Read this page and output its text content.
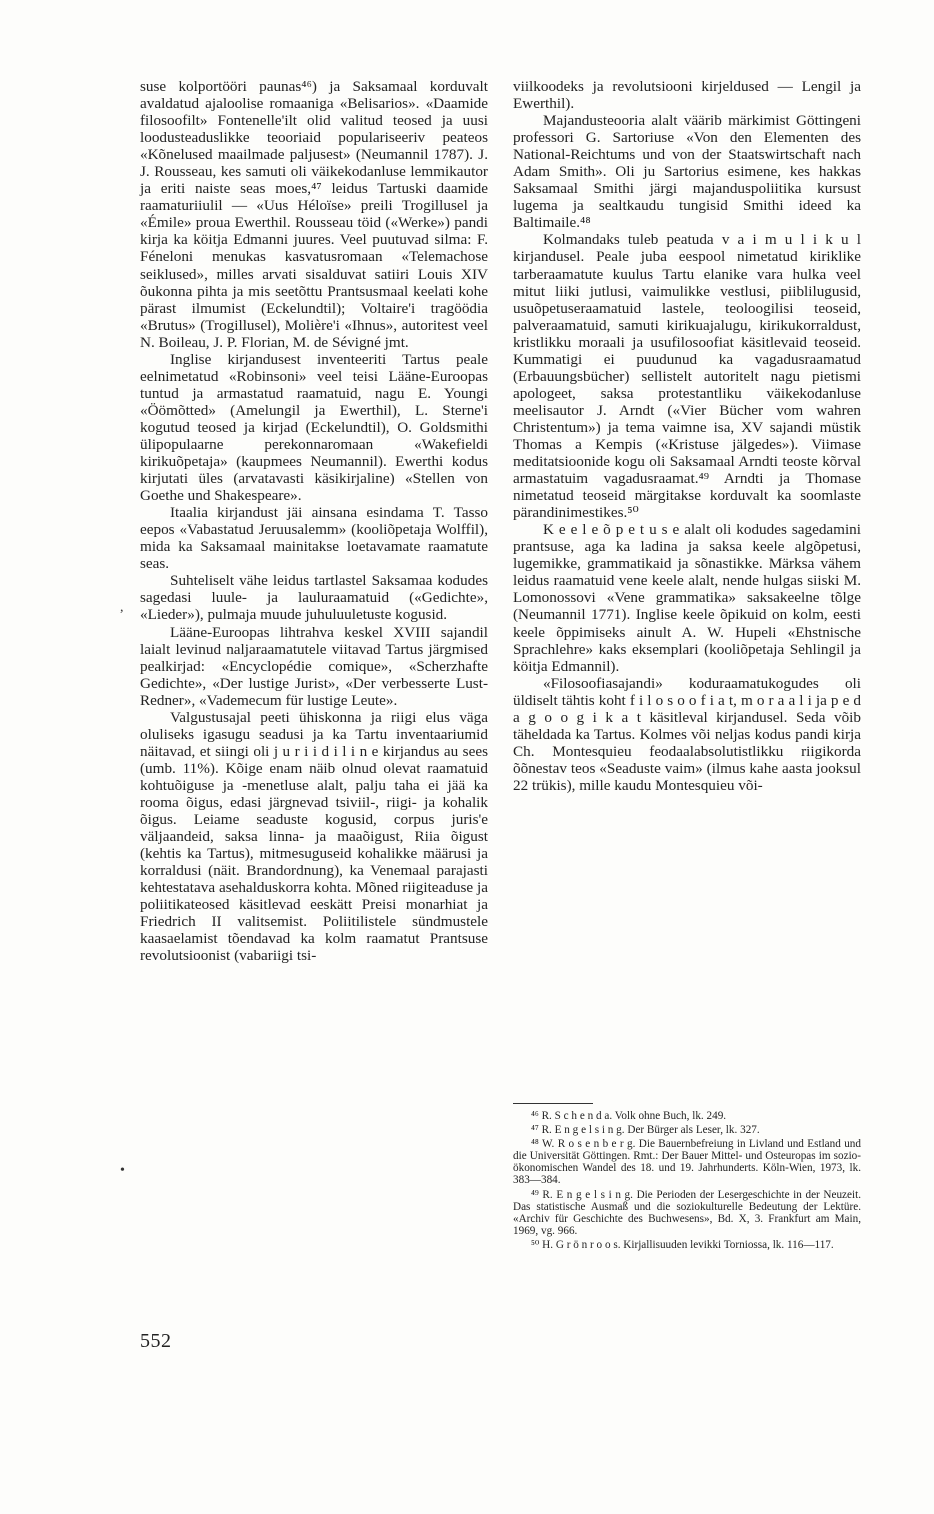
suse kolportööri paunas⁴⁶) ja Saksamaal korduvalt avaldatud ajaloolise romaaniga «Belisarios». «Daamide filosoofilt» Fontenelle'ilt olid valitud teosed ja uusi loodusteaduslikke teooriaid populariseeriv peateos «Kõnelused maailmade paljusest» (Neumannil 1787). J. J. Rousseau, kes samuti oli väikekodanluse lemmikautor ja eriti naiste seas moes,⁴⁷ leidus Tartuski daamide raamaturiiulil — «Uus Héloïse» preili Trogillusel ja «Émile» proua Ewerthil. Rousseau töid («Werke») pandi kirja ka köitja Edmanni juures. Veel puutuvad silma: F. Fénelοni menukas kasvatusromaan «Telemachose seiklused», milles arvati sisalduvat satiiri Louis XIV õukonna pihta ja mis seetõttu Prantsusmaal keelati kohe pärast ilmumist (Eckelundtil); Voltaire'i tragöödia «Brutus» (Trogillusel), Molière'i «Ihnus», autoritest veel N. Boileau, J. P. Florian, M. de Sévigné jmt.

Inglise kirjandusest inventeeriti Tartus peale eelnimetatud «Robinsoni» veel teisi Lääne-Euroopas tuntud ja armastatud raamatuid, nagu E. Youngi «Öömõtted» (Amelungil ja Ewerthil), L. Sterne'i kogutud teosed ja kirjad (Eckelundtil), O. Goldsmithi ülipopulaarne perekonnaromaan «Wakefieldi kirikuõpetaja» (kaupmees Neumannil). Ewerthi kodus kirjutati üles (arvatavasti käsikirjaline) «Stellen von Goethe und Shakespeare».

Itaalia kirjandust jäi ainsana esindama T. Tasso eepos «Vabastatud Jeruusalemm» (kooliõpetaja Wolffil), mida ka Saksamaal mainitakse loetavamate raamatute seas.

Suhteliselt vähe leidus tartlastel Saksamaa kodudes sagedasi luule- ja lauluraamatuid («Gedichte», «Lieder»), pulmaja muude juhuluuletuste kogusid.

Lääne-Euroopas lihtrahva keskel XVIII sajandil laialt levinud naljaraamatutele viitavad Tartus järgmised pealkirjad: «Encyclopédie comique», «Scherzhafte Gedichte», «Der lustige Jurist», «Der verbesserte Lust-Redner», «Vademecum für lustige Leute».

Valgustusajal peeti ühiskonna ja riigi elus väga oluliseks igasugu seadusi ja ka Tartu inventaariumid näitavad, et siingi oli j u r i i d i l i n e kirjandus au sees (umb. 11%). Kõige enam näib olnud olevat raamatuid kohtuõiguse ja -menetluse alalt, palju taha ei jää ka rooma õigus, edasi järgnevad tsiviil-, riigi- ja kohalik õigus. Leiame seaduste kogusid, corpus juris'e väljaandeid, saksa linna- ja maaõigust, Riia õigust (kehtis ka Tartus), mitmesuguseid kohalikke määrusi ja korraldusi (näit. Brandordnung), ka Venemaal parajasti kehtestatava asehalduskorra kohta. Mõned riigiteaduse ja poliitikateosed käsitlevad eeskätt Preisi monarhiat ja Friedrich II valitsemist. Poliitilistele sündmustele kaasaelamist tõendavad ka kolm raamatut Prantsuse revolutsioonist (vabariigi tsi-

viilkoodeks ja revolutsiooni kirjeldused — Lengil ja Ewerthil).

Majandusteooria alalt väärib märkimist Göttingeni professori G. Sartoriuse «Von den Elementen des National-Reichtums und von der Staatswirtschaft nach Adam Smith». Oli ju Sartorius esimene, kes hakkas Saksamaal Smithi järgi majanduspoliitika kursust lugema ja sealtkaudu tungisid Smithi ideed ka Baltimaile.⁴⁸

Kolmandaks tuleb peatuda v a i m u l i k u l kirjandusel. Peale juba eespool nimetatud kiriklike tarberaamatute kuulus Tartu elanike vara hulka veel mitut liiki jutlusi, vaimulikke vestlusi, piiblilugusid, usuõpetuseraamatuid lastele, teoloogilisi teoseid, palveraamatuid, samuti kirikuajalugu, kirikukorraldust, kristlikku moraali ja usufilosoofiat käsitlevaid teoseid. Kummatigi ei puudunud ka vagadusraamatud (Erbauungsbücher) sellistelt autoritelt nagu pietismi apologeet, saksa protestantliku väikekodanluse meelisautor J. Arndt («Vier Bücher vom wahren Christentum») ja tema vaimne isa, XV sajandi müstik Thomas a Kempis («Kristuse jälgedes»). Viimase meditatsioonide kogu oli Saksamaal Arndti teoste kõrval armastatuim vagadusraamat.⁴⁹ Arndti ja Thomase nimetatud teoseid märgitakse korduvalt ka soomlaste pärandinimestikes.⁵⁰

K e e l e õ p e t u s e alalt oli kodudes sagedamini prantsuse, aga ka ladina ja saksa keele algõpetusi, lugemikke, grammatikaid ja sõnastikke. Märksa vähem leidus raamatuid vene keele alalt, nende hulgas siiski M. Lomonossovi «Vene grammatika» saksakeelne tõlge (Neumannil 1771). Inglise keele õpikuid on kolm, eesti keele õppimiseks ainult A. W. Hupeli «Ehstnische Sprachlehre» kaks eksemplari (kooliõpetaja Sehlingil ja köitja Edmannil).

«Filosoofiasajandi» koduraamatukogudes oli üldiselt tähtis koht f i l o s o o f i a t, m o r a a l i ja p e d a g o o g i k a t käsitleval kirjandusel. Seda võib täheldada ka Tartus. Kolmes või neljas kodus pandi kirja Ch. Montesquieu feodaalabsolutistlikku riigikorda õõnestav teos «Seaduste vaim» (ilmus kahe aasta jooksul 22 trükis), mille kaudu Montesquieu või-

⁴⁶ R. S c h e n d a. Volk ohne Buch, lk. 249.

⁴⁷ R. E n g e l s i n g. Der Bürger als Leser, lk. 327.

⁴⁸ W. R o s e n b e r g. Die Bauernbefreiung in Livland und Estland und die Universität Göttingen. Rmt.: Der Bauer Mittel- und Osteuropas im sozio-ökonomischen Wandel des 18. und 19. Jahrhunderts. Köln-Wien, 1973, lk. 383—384.

⁴⁹ R. E n g e l s i n g. Die Perioden der Lesergeschichte in der Neuzeit. Das statistische Ausmaß und die soziokulturelle Bedeutung der Lektüre. «Archiv für Geschichte des Buchwesens», Bd. X, 3. Frankfurt am Main, 1969, vg. 966.

⁵⁰ H. G r ö n r o o s. Kirjallisuuden levikki Torniossa, lk. 116—117.

552
,
•
